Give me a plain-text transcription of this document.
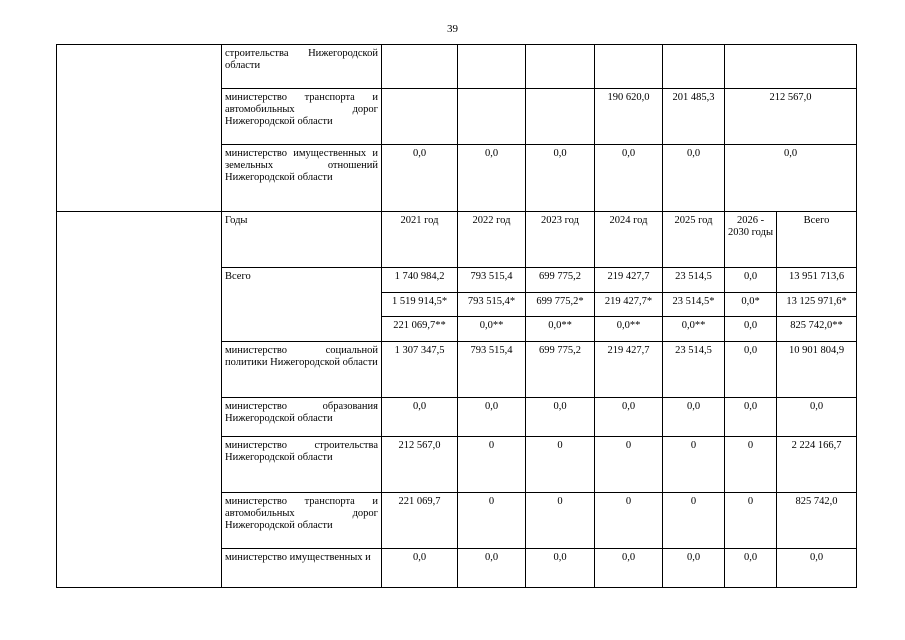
39
	строительства Нижегородской области							
	министерство транспорта и автомобильных дорог Нижегородской области				190 620,0	201 485,3	212 567,0	
	министерство имущественных и земельных отношений Нижегородской области	0,0	0,0	0,0	0,0	0,0	0,0	
	Годы	2021 год	2022 год	2023 год	2024 год	2025 год	2026 - 2030 годы	Всего
	Всего	1 740 984,2	793 515,4	699 775,2	219 427,7	23 514,5	0,0	13 951 713,6
		1 519 914,5*	793 515,4*	699 775,2*	219 427,7*	23 514,5*	0,0*	13 125 971,6*
		221 069,7**	0,0**	0,0**	0,0**	0,0**	0,0	825 742,0**
	министерство социальной политики Нижегородской области	1 307 347,5	793 515,4	699 775,2	219 427,7	23 514,5	0,0	10 901 804,9
	министерство образования Нижегородской области	0,0	0,0	0,0	0,0	0,0	0,0	0,0
	министерство строительства Нижегородской области	212 567,0	0	0	0	0	0	2 224 166,7
	министерство транспорта и автомобильных дорог Нижегородской области	221 069,7	0	0	0	0	0	825 742,0
	министерство имущественных и	0,0	0,0	0,0	0,0	0,0	0,0	0,0
